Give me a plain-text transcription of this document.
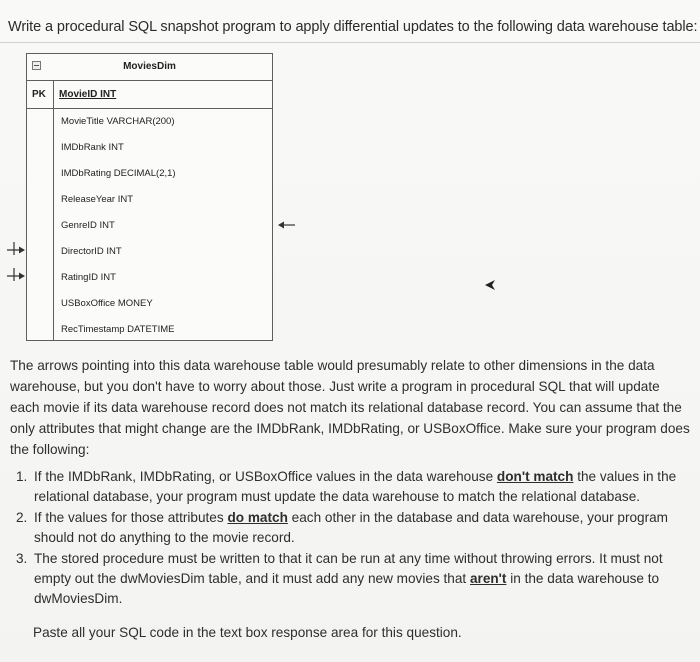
Write a procedural SQL snapshot program to apply differential updates to the following data warehouse table:
MoviesDim
PK MovieID INT
MovieTitle VARCHAR(200)
IMDbRank INT
IMDbRating DECIMAL(2,1)
ReleaseYear INT
GenreID INT
DirectorID INT
RatingID INT
USBoxOffice MONEY
RecTimestamp DATETIME
The arrows pointing into this data warehouse table would presumably relate to other dimensions in the data warehouse, but you don't have to worry about those. Just write a program in procedural SQL that will update each movie if its data warehouse record does not match its relational database record. You can assume that the only attributes that might change are the IMDbRank, IMDbRating, or USBoxOffice. Make sure your program does the following:
1. If the IMDbRank, IMDbRating, or USBoxOffice values in the data warehouse don't match the values in the relational database, your program must update the data warehouse to match the relational database.
2. If the values for those attributes do match each other in the database and data warehouse, your program should not do anything to the movie record.
3. The stored procedure must be written to that it can be run at any time without throwing errors. It must not empty out the dwMoviesDim table, and it must add any new movies that aren't in the data warehouse to dwMoviesDim.
Paste all your SQL code in the text box response area for this question.
